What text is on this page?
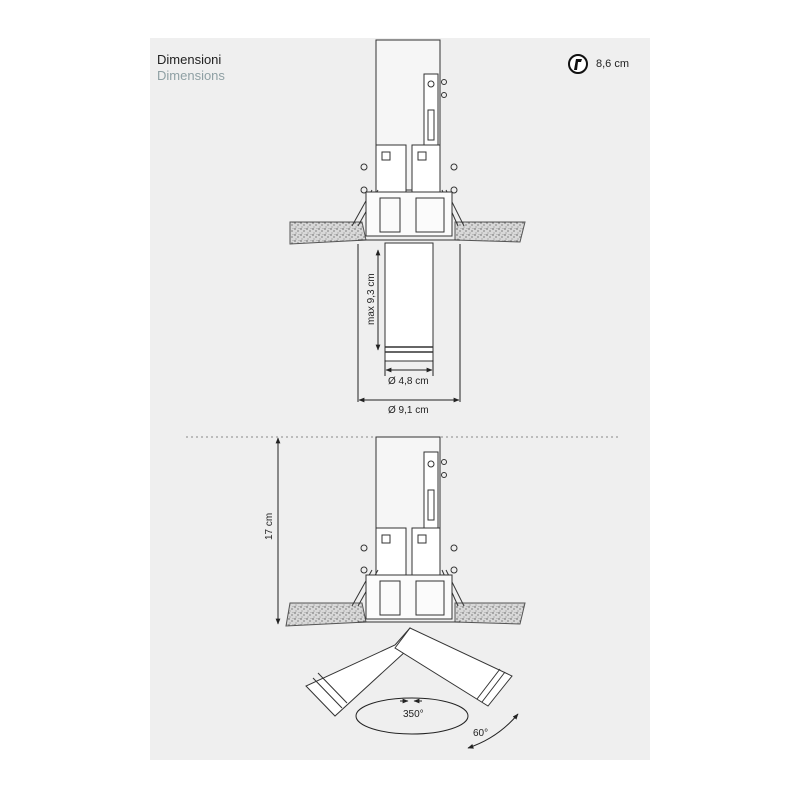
Dimensioni
Dimensions
8,6 cm
max 9,3 cm
Ø 4,8 cm
Ø 9,1 cm
17 cm
350°
60°
